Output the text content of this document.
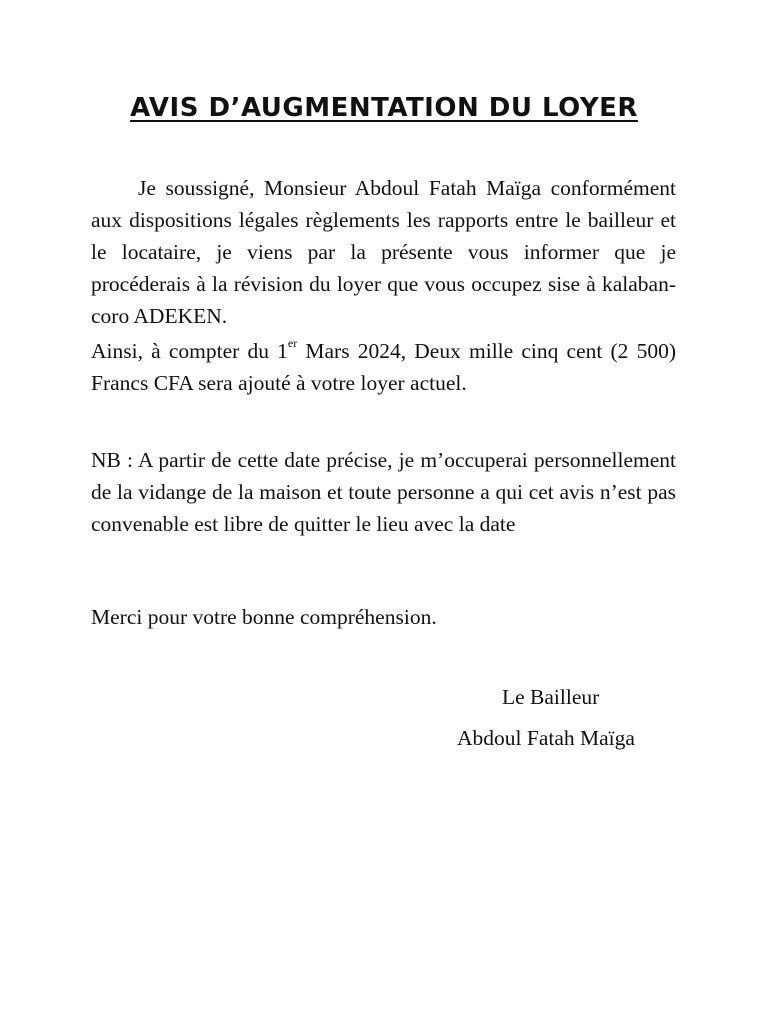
AVIS D’AUGMENTATION DU LOYER

Je soussigné, Monsieur Abdoul Fatah Maïga conformément aux dispositions légales règlements les rapports entre le bailleur et le locataire, je viens par la présente vous informer que je procéderais à la révision du loyer que vous occupez sise à kalaban-coro ADEKEN.

Ainsi, à compter du 1er Mars 2024, Deux mille cinq cent (2 500) Francs CFA sera ajouté à votre loyer actuel.

NB : A partir de cette date précise, je m’occuperai personnellement de la vidange de la maison et toute personne a qui cet avis n’est pas convenable est libre de quitter le lieu avec la date

Merci pour votre bonne compréhension.

Le Bailleur

Abdoul Fatah Maïga
